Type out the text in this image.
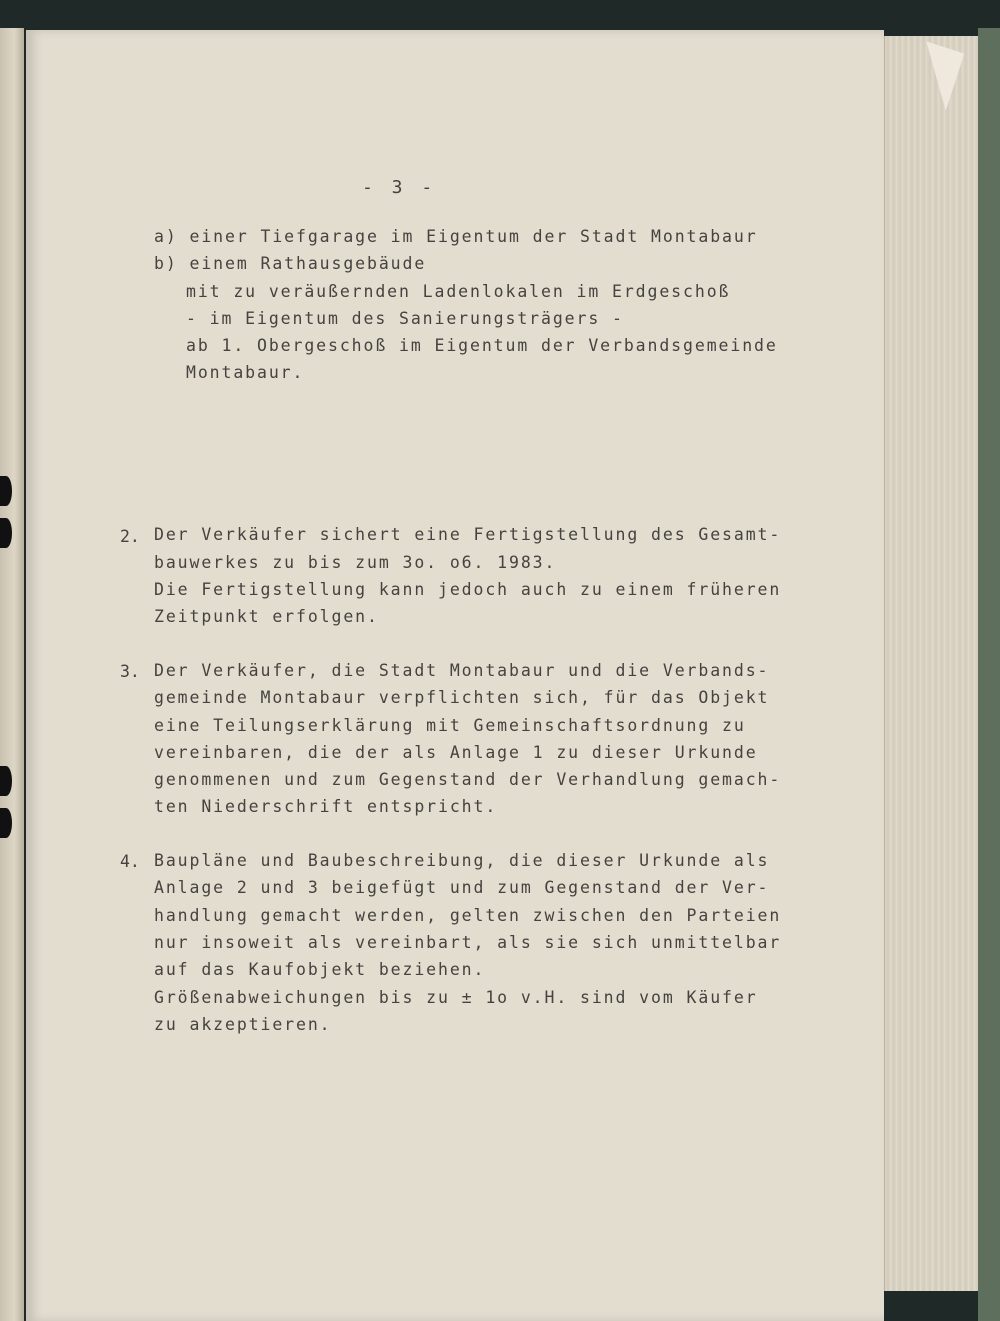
- 3 -
a) einer Tiefgarage im Eigentum der Stadt Montabaur
b) einem Rathausgebäude
mit zu veräußernden Ladenlokalen im Erdgeschoß
- im Eigentum des Sanierungsträgers -
ab 1. Obergeschoß im Eigentum der Verbandsgemeinde
Montabaur.
2. Der Verkäufer sichert eine Fertigstellung des Gesamt-
bauwerkes zu bis zum 3o. o6. 1983.
Die Fertigstellung kann jedoch auch zu einem früheren
Zeitpunkt erfolgen.
3. Der Verkäufer, die Stadt Montabaur und die Verbands-
gemeinde Montabaur verpflichten sich, für das Objekt
eine Teilungserklärung mit Gemeinschaftsordnung zu
vereinbaren, die der als Anlage 1 zu dieser Urkunde
genommenen und zum Gegenstand der Verhandlung gemach-
ten Niederschrift entspricht.
4. Baupläne und Baubeschreibung, die dieser Urkunde als
Anlage 2 und 3 beigefügt und zum Gegenstand der Ver-
handlung gemacht werden, gelten zwischen den Parteien
nur insoweit als vereinbart, als sie sich unmittelbar
auf das Kaufobjekt beziehen.
Größenabweichungen bis zu ± 1o v.H. sind vom Käufer
zu akzeptieren.
